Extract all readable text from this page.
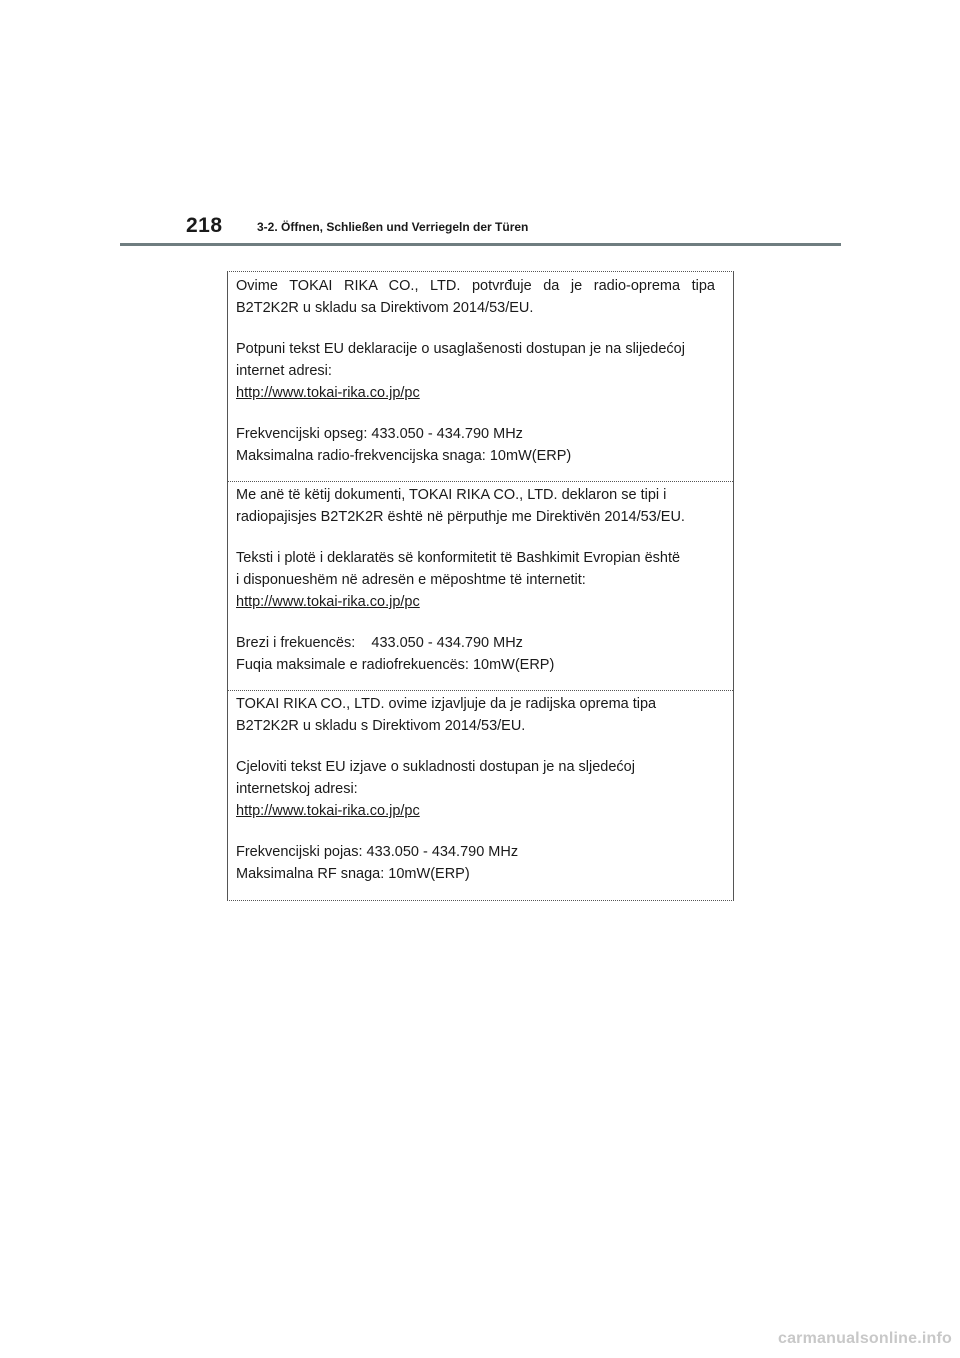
218	3-2. Öffnen, Schließen und Verriegeln der Türen
Ovime TOKAI RIKA CO., LTD. potvrđuje da je radio-oprema tipa
B2T2K2R u skladu sa Direktivom 2014/53/EU.
Potpuni tekst EU deklaracije o usaglašenosti dostupan je na slijedećoj
internet adresi:
http://www.tokai-rika.co.jp/pc
Frekvencijski opseg: 433.050 - 434.790 MHz
Maksimalna radio-frekvencijska snaga: 10mW(ERP)
Me anë të këtij dokumenti, TOKAI RIKA CO., LTD. deklaron se tipi i
radiopajisjes B2T2K2R është në përputhje me Direktivën 2014/53/EU.
Teksti i plotë i deklaratës së konformitetit të Bashkimit Evropian është
i disponueshëm në adresën e mëposhtme të internetit:
http://www.tokai-rika.co.jp/pc
Brezi i frekuencës:    433.050 - 434.790 MHz
Fuqia maksimale e radiofrekuencës: 10mW(ERP)
TOKAI RIKA CO., LTD. ovime izjavljuje da je radijska oprema tipa
B2T2K2R u skladu s Direktivom 2014/53/EU.
Cjeloviti tekst EU izjave o sukladnosti dostupan je na sljedećoj
internetskoj adresi:
http://www.tokai-rika.co.jp/pc
Frekvencijski pojas: 433.050 - 434.790 MHz
Maksimalna RF snaga: 10mW(ERP)
carmanualsonline.info
